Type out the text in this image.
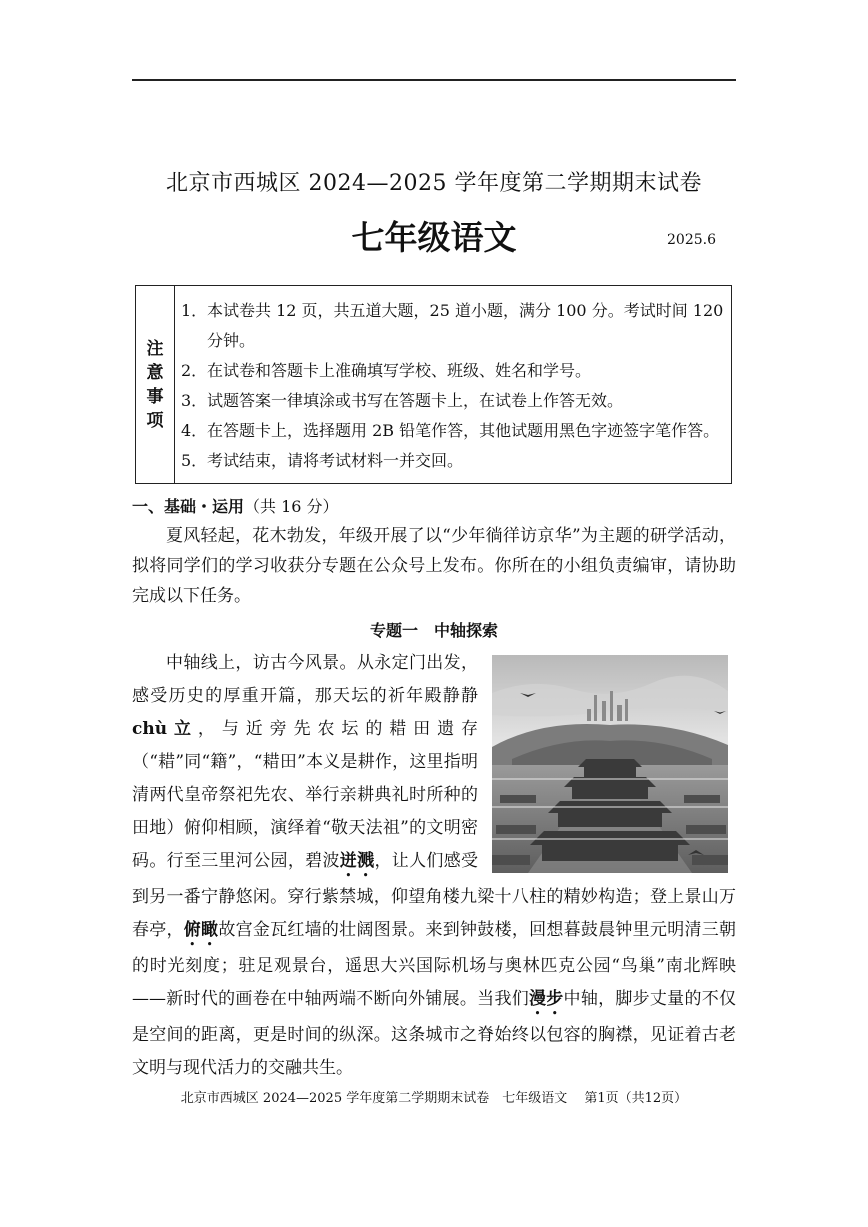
北京市西城区 2024—2025 学年度第二学期期末试卷
七年级语文	2025.6
注
意
事
项
1． 本试卷共 12 页，共五道大题，25 道小题，满分 100 分。考试时间 120 分钟。
2． 在试卷和答题卡上准确填写学校、班级、姓名和学号。
3． 试题答案一律填涂或书写在答题卡上，在试卷上作答无效。
4． 在答题卡上，选择题用 2B 铅笔作答，其他试题用黑色字迹签字笔作答。
5． 考试结束，请将考试材料一并交回。
一、基础・运用（共 16 分）

夏风轻起，花木勃发，年级开展了以“少年徜徉访京华”为主题的研学活动，拟将同学们的学习收获分专题在公众号上发布。你所在的小组负责编审，请协助完成以下任务。

专题一　中轴探索

中轴线上，访古今风景。从永定门出发，感受历史的厚重开篇，那天坛的祈年殿静静chù立，与近旁先农坛的耤田遗存（“耤”同“籍”，“耤田”本义是耕作，这里指明清两代皇帝祭祀先农、举行亲耕典礼时所种的田地）俯仰相顾，演绎着“敬天法祖”的文明密码。行至三里河公园，碧波迸溅，让人们感受到另一番宁静悠闲。穿行紫禁城，仰望角楼九梁十八柱的精妙构造；登上景山万春亭，俯瞰故宫金瓦红墙的壮阔图景。来到钟鼓楼，回想暮鼓晨钟里元明清三朝的时光刻度；驻足观景台，遥思大兴国际机场与奥林匹克公园“鸟巢”南北辉映——新时代的画卷在中轴两端不断向外铺展。当我们漫步中轴，脚步丈量的不仅是空间的距离，更是时间的纵深。这条城市之脊始终以包容的胸襟，见证着古老文明与现代活力的交融共生。

北京市西城区 2024—2025 学年度第二学期期末试卷　七年级语文　 第1页（共12页）
